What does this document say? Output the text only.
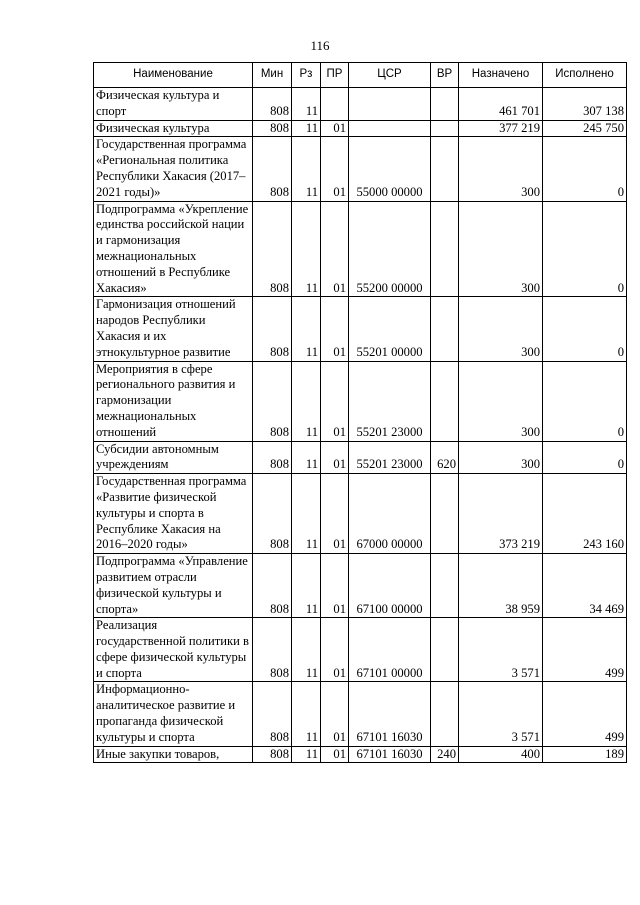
116
Наименование	Мин	Рз	ПР	ЦСР	ВР	Назначено	Исполнено
Физическая культура и спорт	808	11				461 701	307 138
Физическая культура	808	11	01			377 219	245 750
Государственная программа «Региональная политика Республики Хакасия (2017–2021 годы)»	808	11	01	55000 00000		300	0
Подпрограмма «Укрепление единства российской нации и гармонизация межнациональных отношений в Республике Хакасия»	808	11	01	55200 00000		300	0
Гармонизация отношений народов Республики Хакасия и их этнокультурное развитие	808	11	01	55201 00000		300	0
Мероприятия в сфере регионального развития и гармонизации межнациональных отношений	808	11	01	55201 23000		300	0
Субсидии автономным учреждениям	808	11	01	55201 23000	620	300	0
Государственная программа «Развитие физической культуры и спорта в Республике Хакасия на 2016–2020 годы»	808	11	01	67000 00000		373 219	243 160
Подпрограмма «Управление развитием отрасли физической культуры и спорта»	808	11	01	67100 00000		38 959	34 469
Реализация государственной политики в сфере физической культуры и спорта	808	11	01	67101 00000		3 571	499
Информационно-аналитическое развитие и пропаганда физической культуры и спорта	808	11	01	67101 16030		3 571	499
Иные закупки товаров,	808	11	01	67101 16030	240	400	189
